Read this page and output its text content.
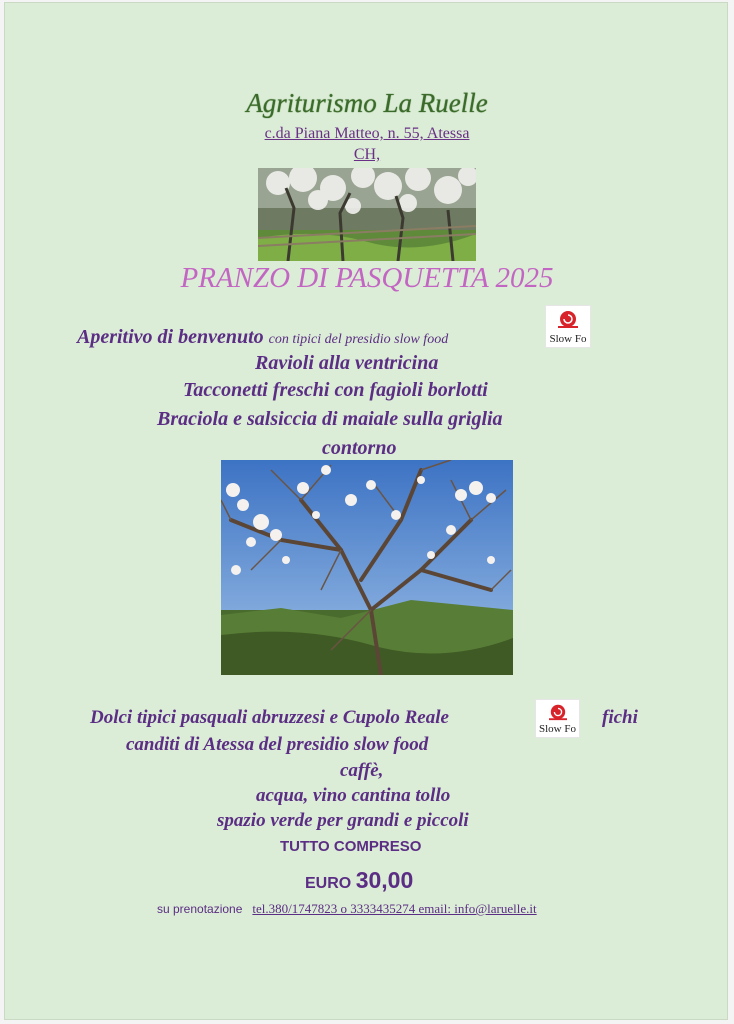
Agriturismo La Ruelle
c.da Piana Matteo, n. 55, Atessa
CH,
PRANZO DI PASQUETTA 2025
Aperitivo di benvenuto con tipici del presidio slow food	Slow Fo
Ravioli alla ventricina
Tacconetti freschi con fagioli borlotti
Braciola e salsiccia di maiale sulla griglia
contorno
Dolci tipici pasquali abruzzesi e Cupolo Reale
Slow Fo
fichi
canditi di Atessa del presidio slow food
caffè,
acqua, vino cantina tollo
spazio verde per grandi e piccoli
TUTTO COMPRESO
EURO 30,00
su prenotazione tel.380/1747823 o 3333435274 email: info@laruelle.it
